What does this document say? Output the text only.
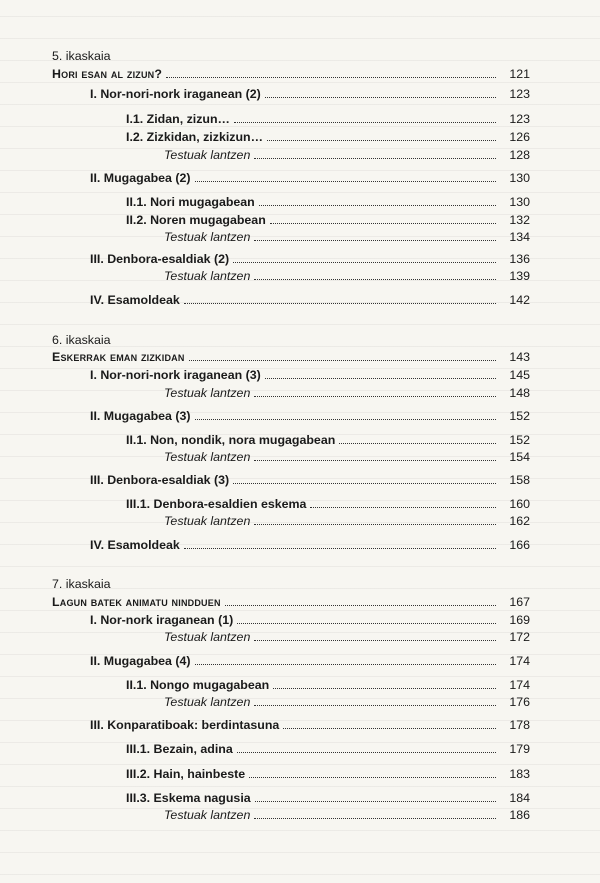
5. ikaskaia
Hori esan al zizun?	121
I. Nor-nori-nork iraganean (2)	123
I.1. Zidan, zizun…	123
I.2. Zizkidan, zizkizun…	126
Testuak lantzen	128
II. Mugagabea (2)	130
II.1. Nori mugagabean	130
II.2. Noren mugagabean	132
Testuak lantzen	134
III. Denbora-esaldiak (2)	136
Testuak lantzen	139
IV. Esamoldeak	142
6. ikaskaia
Eskerrak eman zizkidan	143
I. Nor-nori-nork iraganean (3)	145
Testuak lantzen	148
II. Mugagabea (3)	152
II.1. Non, nondik, nora mugagabean	152
Testuak lantzen	154
III. Denbora-esaldiak (3)	158
III.1. Denbora-esaldien eskema	160
Testuak lantzen	162
IV. Esamoldeak	166
7. ikaskaia
Lagun batek animatu nindduen	167
I. Nor-nork iraganean (1)	169
Testuak lantzen	172
II. Mugagabea (4)	174
II.1. Nongo mugagabean	174
Testuak lantzen	176
III. Konparatiboak: berdintasuna	178
III.1. Bezain, adina	179
III.2. Hain, hainbeste	183
III.3. Eskema nagusia	184
Testuak lantzen	186
